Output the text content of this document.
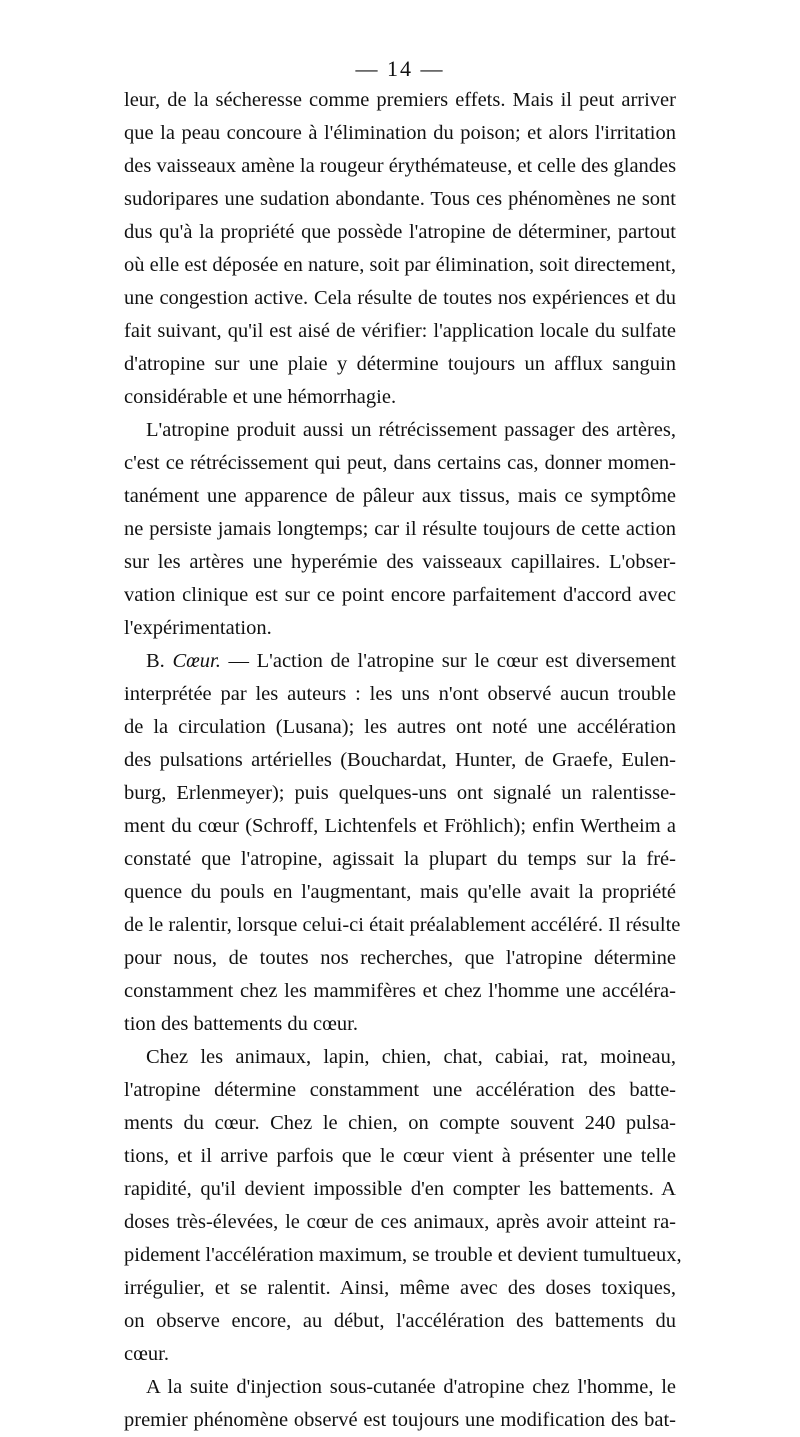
— 14 —
leur, de la sécheresse comme premiers effets. Mais il peut arriver
que la peau concoure à l'élimination du poison; et alors l'irritation
des vaisseaux amène la rougeur érythémateuse, et celle des glandes
sudoripares une sudation abondante. Tous ces phénomènes ne sont
dus qu'à la propriété que possède l'atropine de déterminer, partout
où elle est déposée en nature, soit par élimination, soit directement,
une congestion active. Cela résulte de toutes nos expériences et du
fait suivant, qu'il est aisé de vérifier: l'application locale du sulfate
d'atropine sur une plaie y détermine toujours un afflux sanguin
considérable et une hémorrhagie.
L'atropine produit aussi un rétrécissement passager des artères,
c'est ce rétrécissement qui peut, dans certains cas, donner momen-
tanément une apparence de pâleur aux tissus, mais ce symptôme
ne persiste jamais longtemps; car il résulte toujours de cette action
sur les artères une hyperémie des vaisseaux capillaires. L'obser-
vation clinique est sur ce point encore parfaitement d'accord avec
l'expérimentation.
B. Cœur. — L'action de l'atropine sur le cœur est diversement
interprétée par les auteurs : les uns n'ont observé aucun trouble
de la circulation (Lusana); les autres ont noté une accélération
des pulsations artérielles (Bouchardat, Hunter, de Graefe, Eulen-
burg, Erlenmeyer); puis quelques-uns ont signalé un ralentisse-
ment du cœur (Schroff, Lichtenfels et Fröhlich); enfin Wertheim a
constaté que l'atropine, agissait la plupart du temps sur la fré-
quence du pouls en l'augmentant, mais qu'elle avait la propriété
de le ralentir, lorsque celui-ci était préalablement accéléré. Il résulte
pour nous, de toutes nos recherches, que l'atropine détermine
constamment chez les mammifères et chez l'homme une accéléra-
tion des battements du cœur.
Chez les animaux, lapin, chien, chat, cabiai, rat, moineau,
l'atropine détermine constamment une accélération des batte-
ments du cœur. Chez le chien, on compte souvent 240 pulsa-
tions, et il arrive parfois que le cœur vient à présenter une telle
rapidité, qu'il devient impossible d'en compter les battements. A
doses très-élevées, le cœur de ces animaux, après avoir atteint ra-
pidement l'accélération maximum, se trouble et devient tumultueux,
irrégulier, et se ralentit. Ainsi, même avec des doses toxiques,
on observe encore, au début, l'accélération des battements du
cœur.
A la suite d'injection sous-cutanée d'atropine chez l'homme, le
premier phénomène observé est toujours une modification des bat-
